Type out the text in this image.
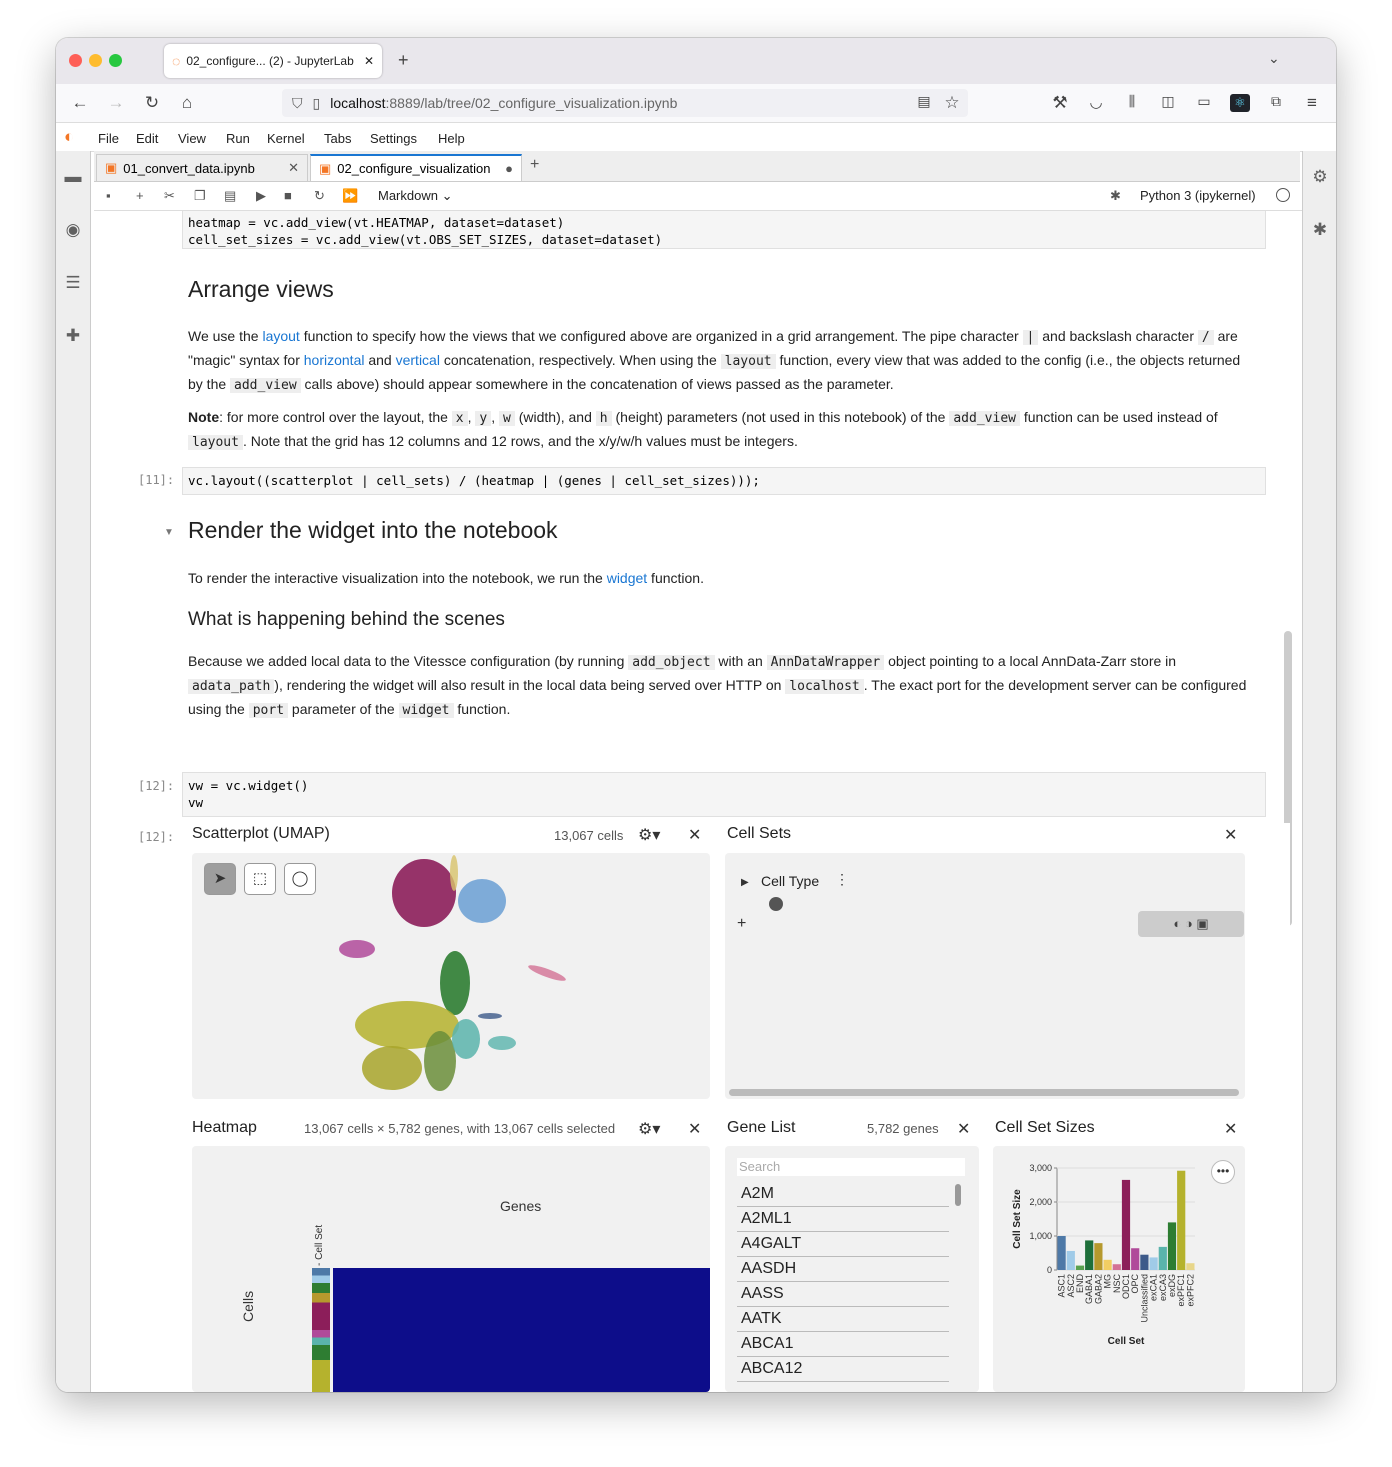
◌ 02_configure... (2) - JupyterLab ✕ +	⌄
← → ↻ ⌂	⛉ ▯ localhost:8889/lab/tree/02_configure_visualization.ipynb	▤ ☆	⚒ ◡	⫼	◫ ▭	⚛	⧉ ≡
◐ File Edit View Run Kernel Tabs Settings Help
▬
◉
☰
✚
⚙
✱
▣ 01_convert_data.ipynb	✕ ▣ 02_configure_visualization	● +
▪ + ✂ ❐ ▤ ▶ ■ ↻ ⏩ Markdown ⌄	✱ Python 3 (ipykernel)
heatmap = vc.add_view(vt.HEATMAP, dataset=dataset)
cell_set_sizes = vc.add_view(vt.OBS_SET_SIZES, dataset=dataset)
Arrange views
We use the layout function to specify how the views that we configured above are organized in a grid arrangement. The pipe character | and backslash character / are "magic" syntax for horizontal and vertical concatenation, respectively. When using the layout function, every view that was added to the config (i.e., the objects returned by the add_view calls above) should appear somewhere in the concatenation of views passed as the parameter.
Note: for more control over the layout, the x , y , w (width), and h (height) parameters (not used in this notebook) of the add_view function can be used instead of layout . Note that the grid has 12 columns and 12 rows, and the x/y/w/h values must be integers.
[11]:	vc.layout((scatterplot | cell_sets) / (heatmap | (genes | cell_set_sizes)));
▼ Render the widget into the notebook
To render the interactive visualization into the notebook, we run the widget function.
What is happening behind the scenes
Because we added local data to the Vitessce configuration (by running add_object with an AnnDataWrapper object pointing to a local AnnData-Zarr store in adata_path ), rendering the widget will also result in the local data being served over HTTP on localhost . The exact port for the development server can be configured using the port parameter of the widget function.
[12]:	vw = vc.widget()
vw
[12]: Scatterplot (UMAP)	13,067 cells ⚙▾ ✕
➤	⬚	◯
Cell Sets	✕
▶ Cell Type ⋮
+	◐ ◑ ▣
Heatmap	13,067 cells × 5,782 genes, with 13,067 cells selected ⚙▾ ✕
Genes
Cells
- Cell Set
Gene List	5,782 genes ✕
Search
A2M
A2ML1
A4GALT
AASDH
AASS
AATK
ABCA1
ABCA12
Cell Set Sizes	✕
0
1,000
2,000
3,000
ASC1 ASC2 END GABA1 GABA2 MG NSC ODC1 OPC Unclassified exCA1 exCA3 exDG exPFC1 exPFC2
Cell Set
Cell Set Size
•••
